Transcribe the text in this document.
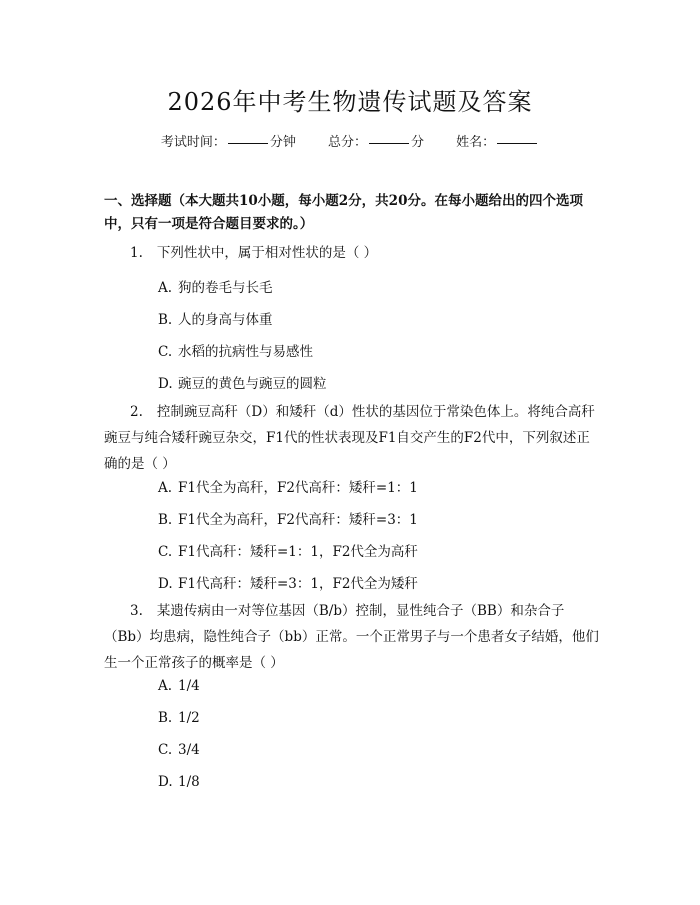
2026年中考生物遗传试题及答案
考试时间：	分钟 总分：	分 姓名：
一、选择题（本大题共10小题，每小题2分，共20分。在每小题给出的四个选项中，只有一项是符合题目要求的。）
1. 下列性状中，属于相对性状的是（ ）
A. 狗的卷毛与长毛
B. 人的身高与体重
C. 水稻的抗病性与易感性
D. 豌豆的黄色与豌豆的圆粒
2. 控制豌豆高秆（D）和矮秆（d）性状的基因位于常染色体上。将纯合高秆豌豆与纯合矮秆豌豆杂交，F1代的性状表现及F1自交产生的F2代中，下列叙述正确的是（ ）
A. F1代全为高秆，F2代高秆：矮秆=1：1
B. F1代全为高秆，F2代高秆：矮秆=3：1
C. F1代高秆：矮秆=1：1，F2代全为高秆
D. F1代高秆：矮秆=3：1，F2代全为矮秆
3. 某遗传病由一对等位基因（B/b）控制，显性纯合子（BB）和杂合子（Bb）均患病，隐性纯合子（bb）正常。一个正常男子与一个患者女子结婚，他们生一个正常孩子的概率是（ ）
A. 1/4
B. 1/2
C. 3/4
D. 1/8
